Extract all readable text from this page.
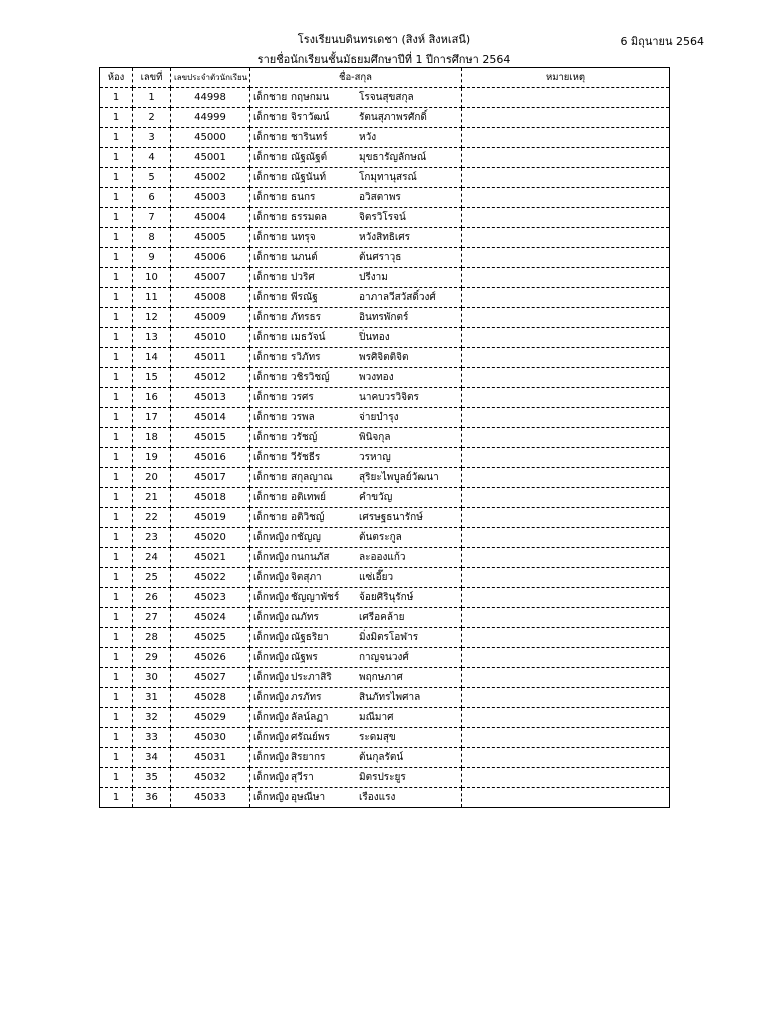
โรงเรียนบดินทรเดชา (สิงห์ สิงหเสนี)	6 มิถุนายน 2564
รายชื่อนักเรียนชั้นมัธยมศึกษาปีที่ 1 ปีการศึกษา 2564
ห้อง	เลขที่	เลขประจำตัวนักเรียน	ชื่อ-สกุล	หมายเหตุ
1	1	44998	เด็กชาย กฤษกมน โรจนสุขสกุล	
1	2	44999	เด็กชาย จิราวัฒน์ รัตนสุภาพรศักดิ์	
1	3	45000	เด็กชาย ชารินทร์ หวัง	
1	4	45001	เด็กชาย ณัฐณัฐต์ มุขธารัญลักษณ์	
1	5	45002	เด็กชาย ณัฐนันท์ โกมุทานุสรณ์	
1	6	45003	เด็กชาย ธนกร อวิสตาพร	
1	7	45004	เด็กชาย ธรรมดล จิตรวิโรจน์	
1	8	45005	เด็กชาย นทรุจ หวังสิทธิเศร	
1	9	45006	เด็กชาย นภนต์ ต้นศราวุธ	
1	10	45007	เด็กชาย ปวริศ ปรีงาม	
1	11	45008	เด็กชาย พีรณัฐ อาภาลวีสวัสดิ์วงศ์	
1	12	45009	เด็กชาย ภัทรธร อินทรพักตร์	
1	13	45010	เด็กชาย เมธวัจน์ ปิ่นทอง	
1	14	45011	เด็กชาย รวิภัทร พรศิจิตติจิต	
1	15	45012	เด็กชาย วชิรวิชญ์ พวงทอง	
1	16	45013	เด็กชาย วรศร นาคบวรวิจิตร	
1	17	45014	เด็กชาย วรพล จ่ายบำรุง	
1	18	45015	เด็กชาย วรัชญ์ พินิจกุล	
1	19	45016	เด็กชาย วีรัชธีร วรหาญ	
1	20	45017	เด็กชาย สกุลญาณ สุริยะไพบูลย์วัฒนา	
1	21	45018	เด็กชาย อติเทพย์ คำขวัญ	
1	22	45019	เด็กชาย อติวิชญ์ เศรษฐธนารักษ์	
1	23	45020	เด็กหญิง กชัญญ ต้นตระกูล	
1	24	45021	เด็กหญิง กนกนภัส ละอองแก้ว	
1	25	45022	เด็กหญิง จิตสุภา แซ่เอี๊ยว	
1	26	45023	เด็กหญิง ชัญญาพัชร์ จ้อยศิรินุรักษ์	
1	27	45024	เด็กหญิง ณภัทร เศรีอคล้าย	
1	28	45025	เด็กหญิง ณัฐธริยา มิ่งมิตรโอฬาร	
1	29	45026	เด็กหญิง ณัฐพร กาญจนวงศ์	
1	30	45027	เด็กหญิง ประภาสิริ พฤกษภาศ	
1	31	45028	เด็กหญิง ภรภัทร สินภัทรไพศาล	
1	32	45029	เด็กหญิง ลัลน์ลฏา มณีมาศ	
1	33	45030	เด็กหญิง ศรัณย์พร ระดมสุข	
1	34	45031	เด็กหญิง สิรยากร ต้นกุลรัตน์	
1	35	45032	เด็กหญิง สุวีรา มิตรประยูร	
1	36	45033	เด็กหญิง อุษณีษา เรืองแรง	
